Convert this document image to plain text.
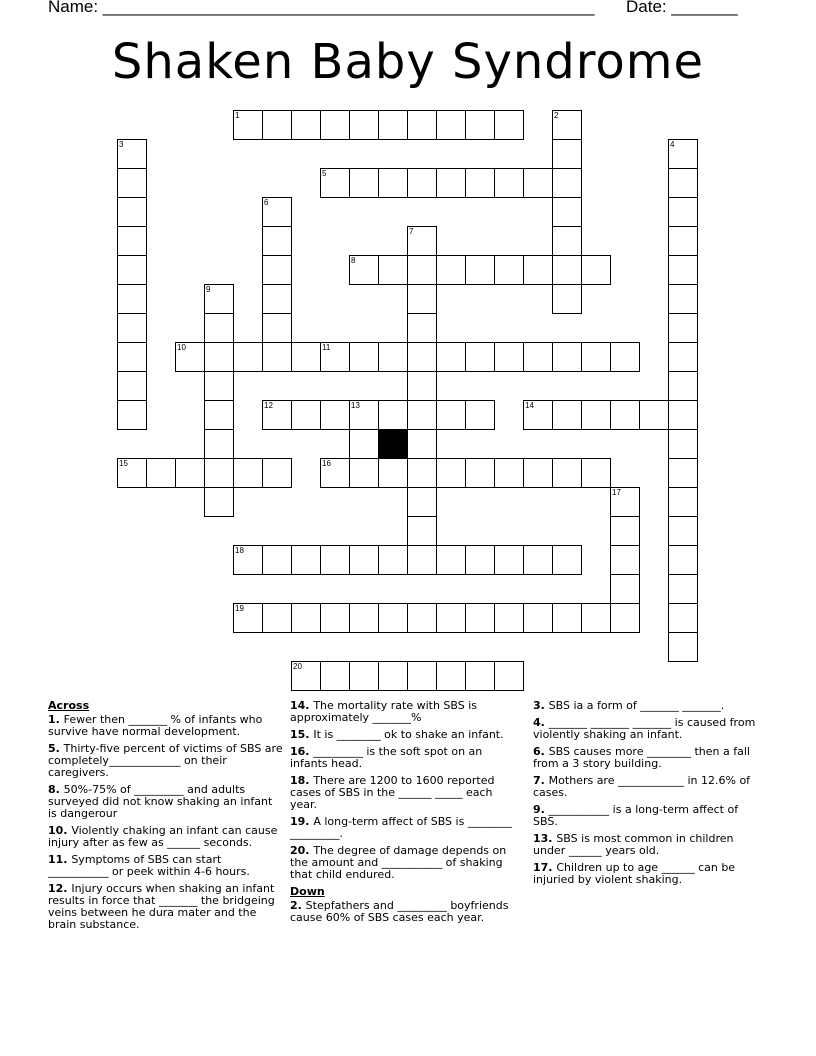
Name: ____________________________________________________ Date: _______
Shaken Baby Syndrome
1	2
3	4
5
6
7
8
9
10	11
12	13	14
15	16
17
18
19
20
Across
1. Fewer then _______ % of infants who survive have normal development.
5. Thirty-five percent of victims of SBS are completely_____________ on their caregivers.
8. 50%-75% of _________ and adults surveyed did not know shaking an infant is dangerour
10. Violently chaking an infant can cause injury after as few as ______ seconds.
11. Symptoms of SBS can start ___________ or peek within 4-6 hours.
12. Injury occurs when shaking an infant results in force that _______ the bridgeing veins between he dura mater and the brain substance.
14. The mortality rate with SBS is approximately _______%
15. It is ________ ok to shake an infant.
16. _________ is the soft spot on an infants head.
18. There are 1200 to 1600 reported cases of SBS in the ______ _____ each year.
19. A long-term affect of SBS is ________ _________.
20. The degree of damage depends on the amount and ___________ of shaking that child endured.
Down
2. Stepfathers and _________ boyfriends cause 60% of SBS cases each year.
3. SBS ia a form of _______ _______.
4. _______ _______ _______ is caused from violently shaking an infant.
6. SBS causes more ________ then a fall from a 3 story building.
7. Mothers are ____________ in 12.6% of cases.
9. ___________ is a long-term affect of SBS.
13. SBS is most common in children under ______ years old.
17. Children up to age ______ can be injuried by violent shaking.
